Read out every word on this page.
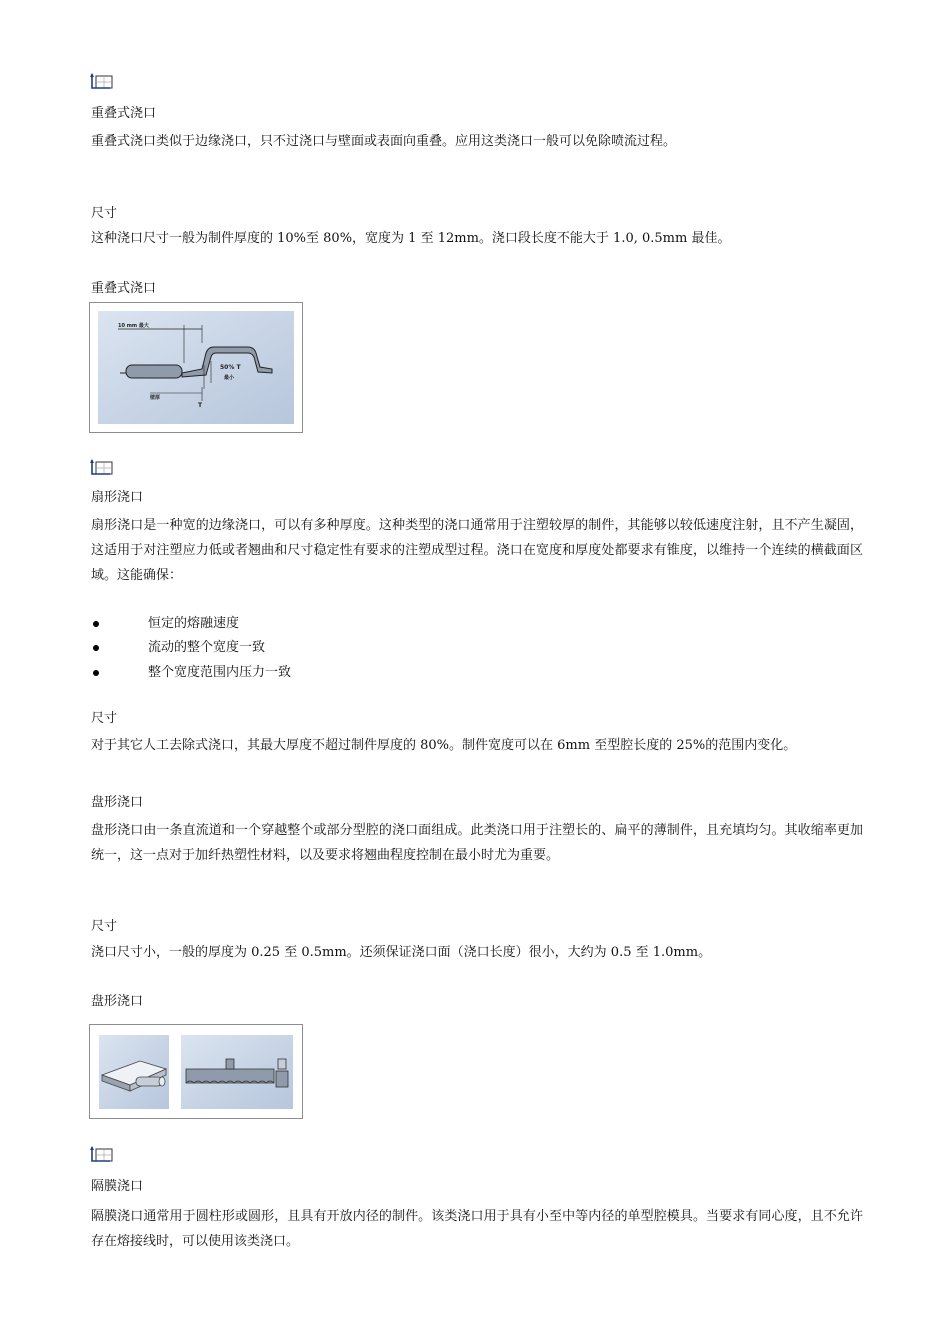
重叠式浇口
重叠式浇口类似于边缘浇口，只不过浇口与壁面或表面向重叠。应用这类浇口一般可以免除喷流过程。
尺寸
这种浇口尺寸一般为制件厚度的 10%至 80%，宽度为 1 至 12mm。浇口段长度不能大于 1.0, 0.5mm 最佳。
重叠式浇口
10 mm 最大
50% T
最小
壁厚
T
扇形浇口
扇形浇口是一种宽的边缘浇口，可以有多种厚度。这种类型的浇口通常用于注塑较厚的制件，其能够以较低速度注射，且不产生凝固，这适用于对注塑应力低或者翘曲和尺寸稳定性有要求的注塑成型过程。浇口在宽度和厚度处都要求有锥度，以维持一个连续的横截面区域。这能确保：
恒定的熔融速度
流动的整个宽度一致
整个宽度范围内压力一致
尺寸
对于其它人工去除式浇口，其最大厚度不超过制件厚度的 80%。制件宽度可以在 6mm 至型腔长度的 25%的范围内变化。
盘形浇口
盘形浇口由一条直流道和一个穿越整个或部分型腔的浇口面组成。此类浇口用于注塑长的、扁平的薄制件，且充填均匀。其收缩率更加统一，这一点对于加纤热塑性材料，以及要求将翘曲程度控制在最小时尤为重要。
尺寸
浇口尺寸小，一般的厚度为 0.25 至 0.5mm。还须保证浇口面（浇口长度）很小，大约为 0.5 至 1.0mm。
盘形浇口
隔膜浇口
隔膜浇口通常用于圆柱形或圆形，且具有开放内径的制件。该类浇口用于具有小至中等内径的单型腔模具。当要求有同心度，且不允许存在熔接线时，可以使用该类浇口。
